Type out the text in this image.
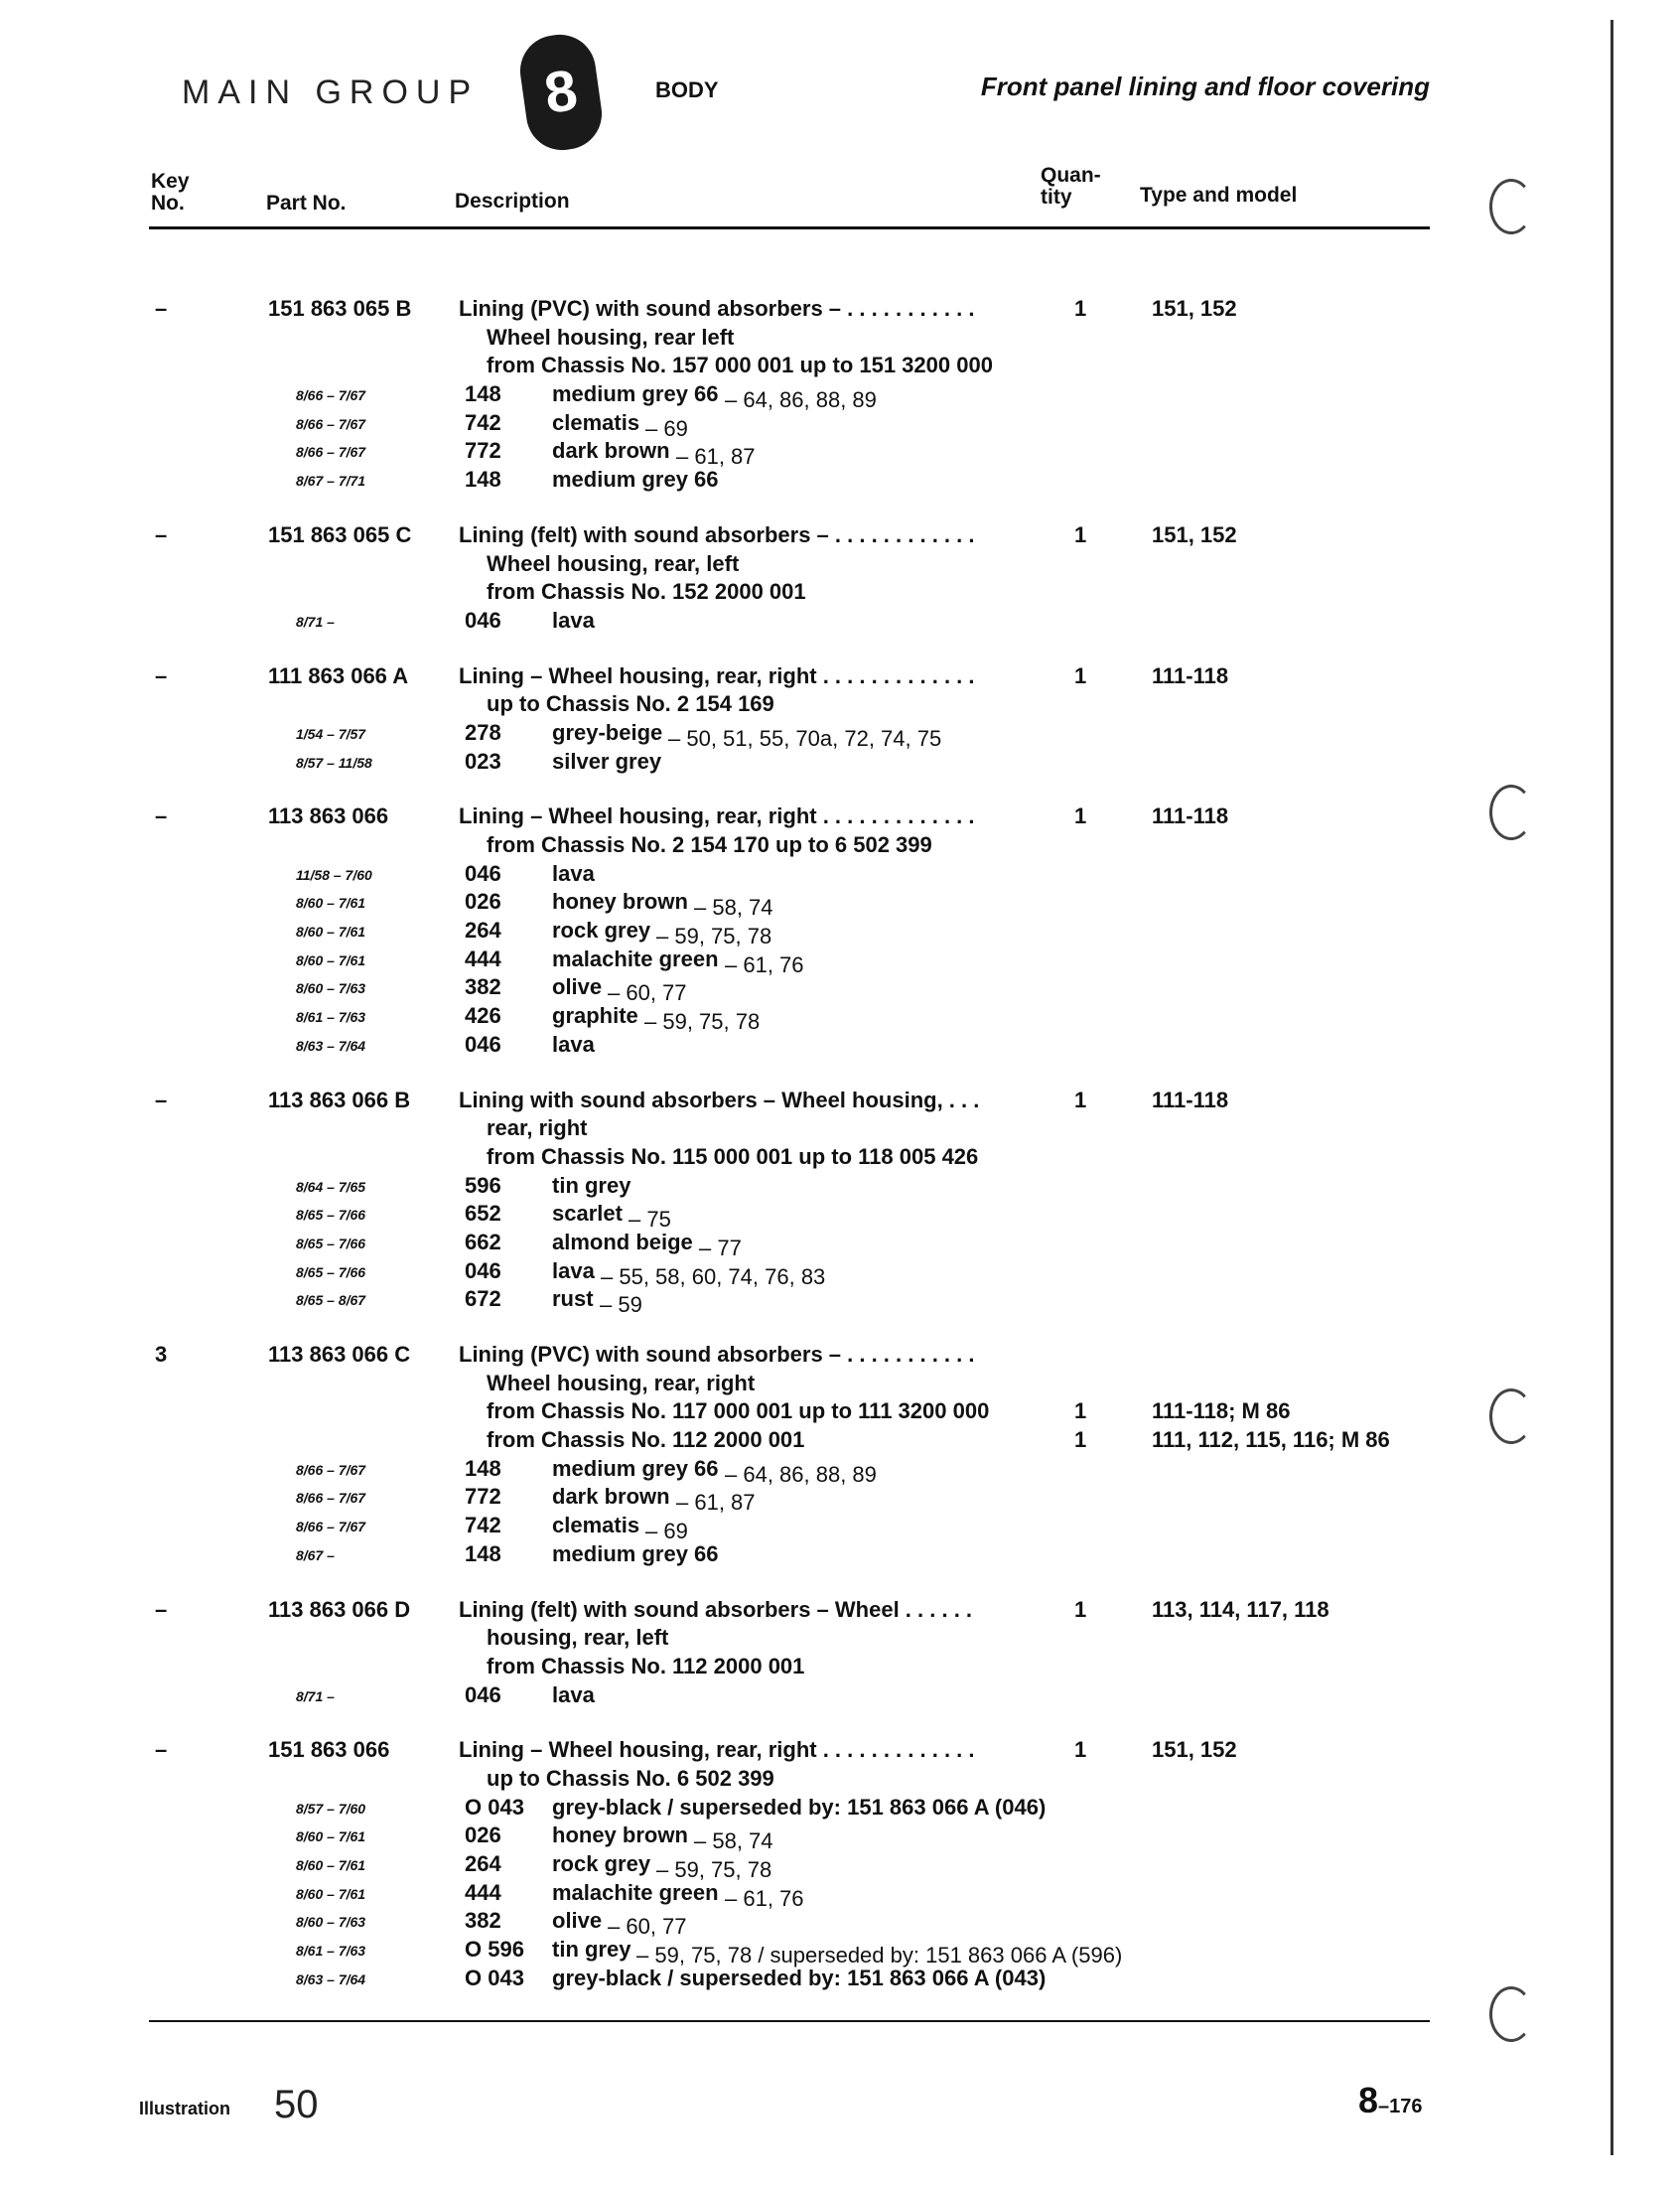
MAIN GROUP	8	BODY	Front panel lining and floor covering
Key
No.	Part No.	Description
Quan-
tity	Type and model
–	151 863 065 B Lining (PVC) with sound absorbers – . . . . . . . . . . .	1	151, 152
Wheel housing, rear left
from Chassis No. 157 000 001 up to 151 3200 000
8/66 – 7/67	148 medium grey 66 – 64, 86, 88, 89
8/66 – 7/67	742 clematis – 69
8/66 – 7/67	772 dark brown – 61, 87
8/67 – 7/71	148 medium grey 66
–	151 863 065 C Lining (felt) with sound absorbers – . . . . . . . . . . . .	1	151, 152
Wheel housing, rear, left
from Chassis No. 152 2000 001
8/71 –	046 lava
–	111 863 066 A Lining – Wheel housing, rear, right . . . . . . . . . . . . .	1	111-118
up to Chassis No. 2 154 169
1/54 – 7/57	278 grey-beige – 50, 51, 55, 70a, 72, 74, 75
8/57 – 11/58	023 silver grey
–	113 863 066	Lining – Wheel housing, rear, right . . . . . . . . . . . . .	1	111-118
from Chassis No. 2 154 170 up to 6 502 399
11/58 – 7/60	046 lava
8/60 – 7/61	026 honey brown – 58, 74
8/60 – 7/61	264 rock grey – 59, 75, 78
8/60 – 7/61	444 malachite green – 61, 76
8/60 – 7/63	382 olive – 60, 77
8/61 – 7/63	426 graphite – 59, 75, 78
8/63 – 7/64	046 lava
–	113 863 066 B Lining with sound absorbers – Wheel housing, . . .	1	111-118
rear, right
from Chassis No. 115 000 001 up to 118 005 426
8/64 – 7/65	596 tin grey
8/65 – 7/66	652 scarlet – 75
8/65 – 7/66	662 almond beige – 77
8/65 – 7/66	046 lava – 55, 58, 60, 74, 76, 83
8/65 – 8/67	672 rust – 59
3	113 863 066 C Lining (PVC) with sound absorbers – . . . . . . . . . . .
Wheel housing, rear, right
from Chassis No. 117 000 001 up to 111 3200 000	1	111-118; M 86
from Chassis No. 112 2000 001	1	111, 112, 115, 116; M 86
8/66 – 7/67	148 medium grey 66 – 64, 86, 88, 89
8/66 – 7/67	772 dark brown – 61, 87
8/66 – 7/67	742 clematis – 69
8/67 –	148 medium grey 66
–	113 863 066 D Lining (felt) with sound absorbers – Wheel . . . . . .	1	113, 114, 117, 118
housing, rear, left
from Chassis No. 112 2000 001
8/71 –	046 lava
–	151 863 066	Lining – Wheel housing, rear, right . . . . . . . . . . . . .	1	151, 152
up to Chassis No. 6 502 399
8/57 – 7/60	O 043 grey-black / superseded by: 151 863 066 A (046)
8/60 – 7/61	026 honey brown – 58, 74
8/60 – 7/61	264 rock grey – 59, 75, 78
8/60 – 7/61	444 malachite green – 61, 76
8/60 – 7/63	382 olive – 60, 77
8/61 – 7/63	O 596 tin grey – 59, 75, 78 / superseded by: 151 863 066 A (596)
8/63 – 7/64	O 043 grey-black / superseded by: 151 863 066 A (043)
Illustration 50	8–176
